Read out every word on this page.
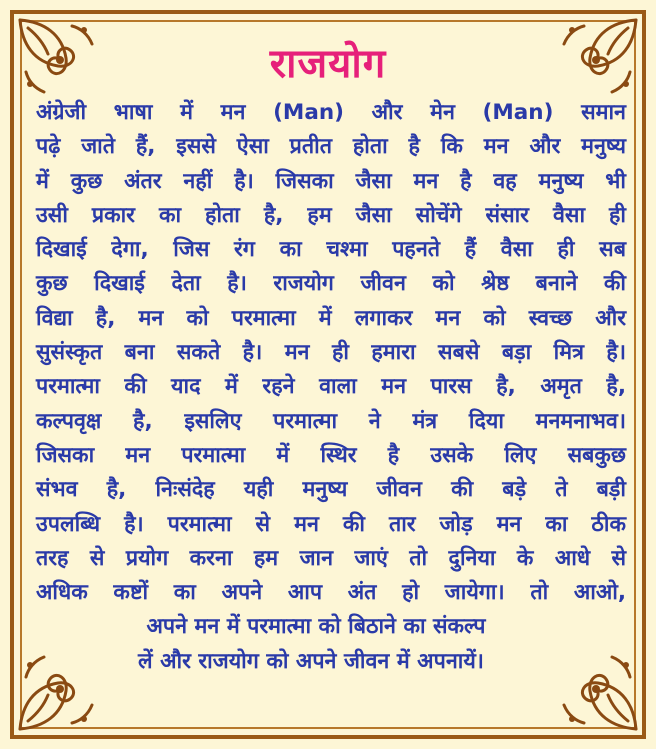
राजयोग
अंग्रेजी भाषा में मन (Man) और मेन (Man) समान
पढ़े जाते हैं, इससे ऐसा प्रतीत होता है कि मन और मनुष्य
में कुछ अंतर नहीं है। जिसका जैसा मन है वह मनुष्य भी
उसी प्रकार का होता है, हम जैसा सोचेंगे संसार वैसा ही
दिखाई देगा, जिस रंग का चश्मा पहनते हैं वैसा ही सब
कुछ दिखाई देता है। राजयोग जीवन को श्रेष्ठ बनाने की
विद्या है, मन को परमात्मा में लगाकर मन को स्वच्छ और
सुसंस्कृत बना सकते है। मन ही हमारा सबसे बड़ा मित्र है।
परमात्मा की याद में रहने वाला मन पारस है, अमृत है,
कल्पवृक्ष है, इसलिए परमात्मा ने मंत्र दिया मनमनाभव।
जिसका मन परमात्मा में स्थिर है उसके लिए सबकुछ
संभव है, निःसंदेह यही मनुष्य जीवन की बड़े ते बड़ी
उपलब्धि है। परमात्मा से मन की तार जोड़ मन का ठीक
तरह से प्रयोग करना हम जान जाएं तो दुनिया के आधे से
अधिक कष्टों का अपने आप अंत हो जायेगा। तो आओ,
अपने मन में परमात्मा को बिठाने का संकल्प
लें और राजयोग को अपने जीवन में अपनायें।
